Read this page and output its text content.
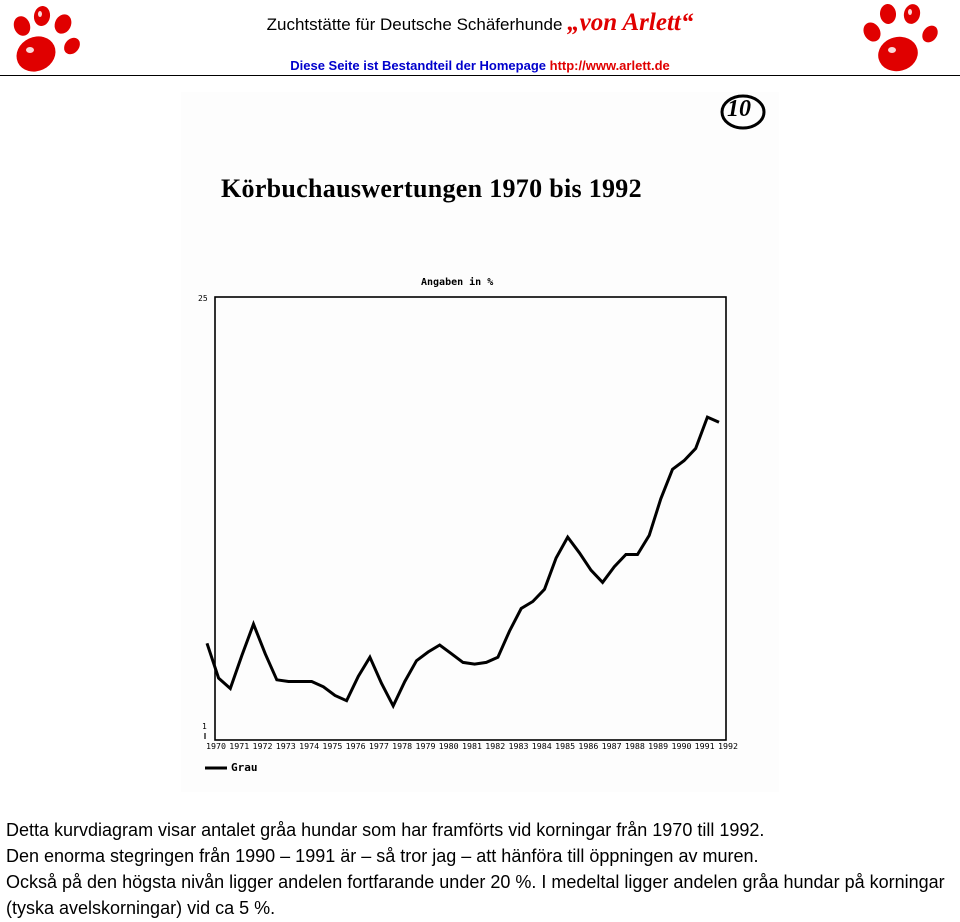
Zuchtstätte für Deutsche Schäferhunde „von Arlett“
Diese Seite ist Bestandteil der Homepage http://www.arlett.de
1970 1971 1972 1973 1974 1975 1976 1977 1978 1979 1980 1981 1982 1983 1984 1985 1986 1987 1988 1989 1990 1991 1992
10
Körbuchauswertungen 1970 bis 1992
Angaben in %
Grau
25
1

Detta kurvdiagram visar antalet gråa hundar som har framförts vid korningar från 1970 till 1992.

Den enorma stegringen från 1990 – 1991 är – så tror jag – att hänföra till öppningen av muren.

Också på den högsta nivån ligger andelen fortfarande under 20 %. I medeltal ligger andelen gråa hundar på korningar (tyska avelskorningar) vid ca 5 %.
